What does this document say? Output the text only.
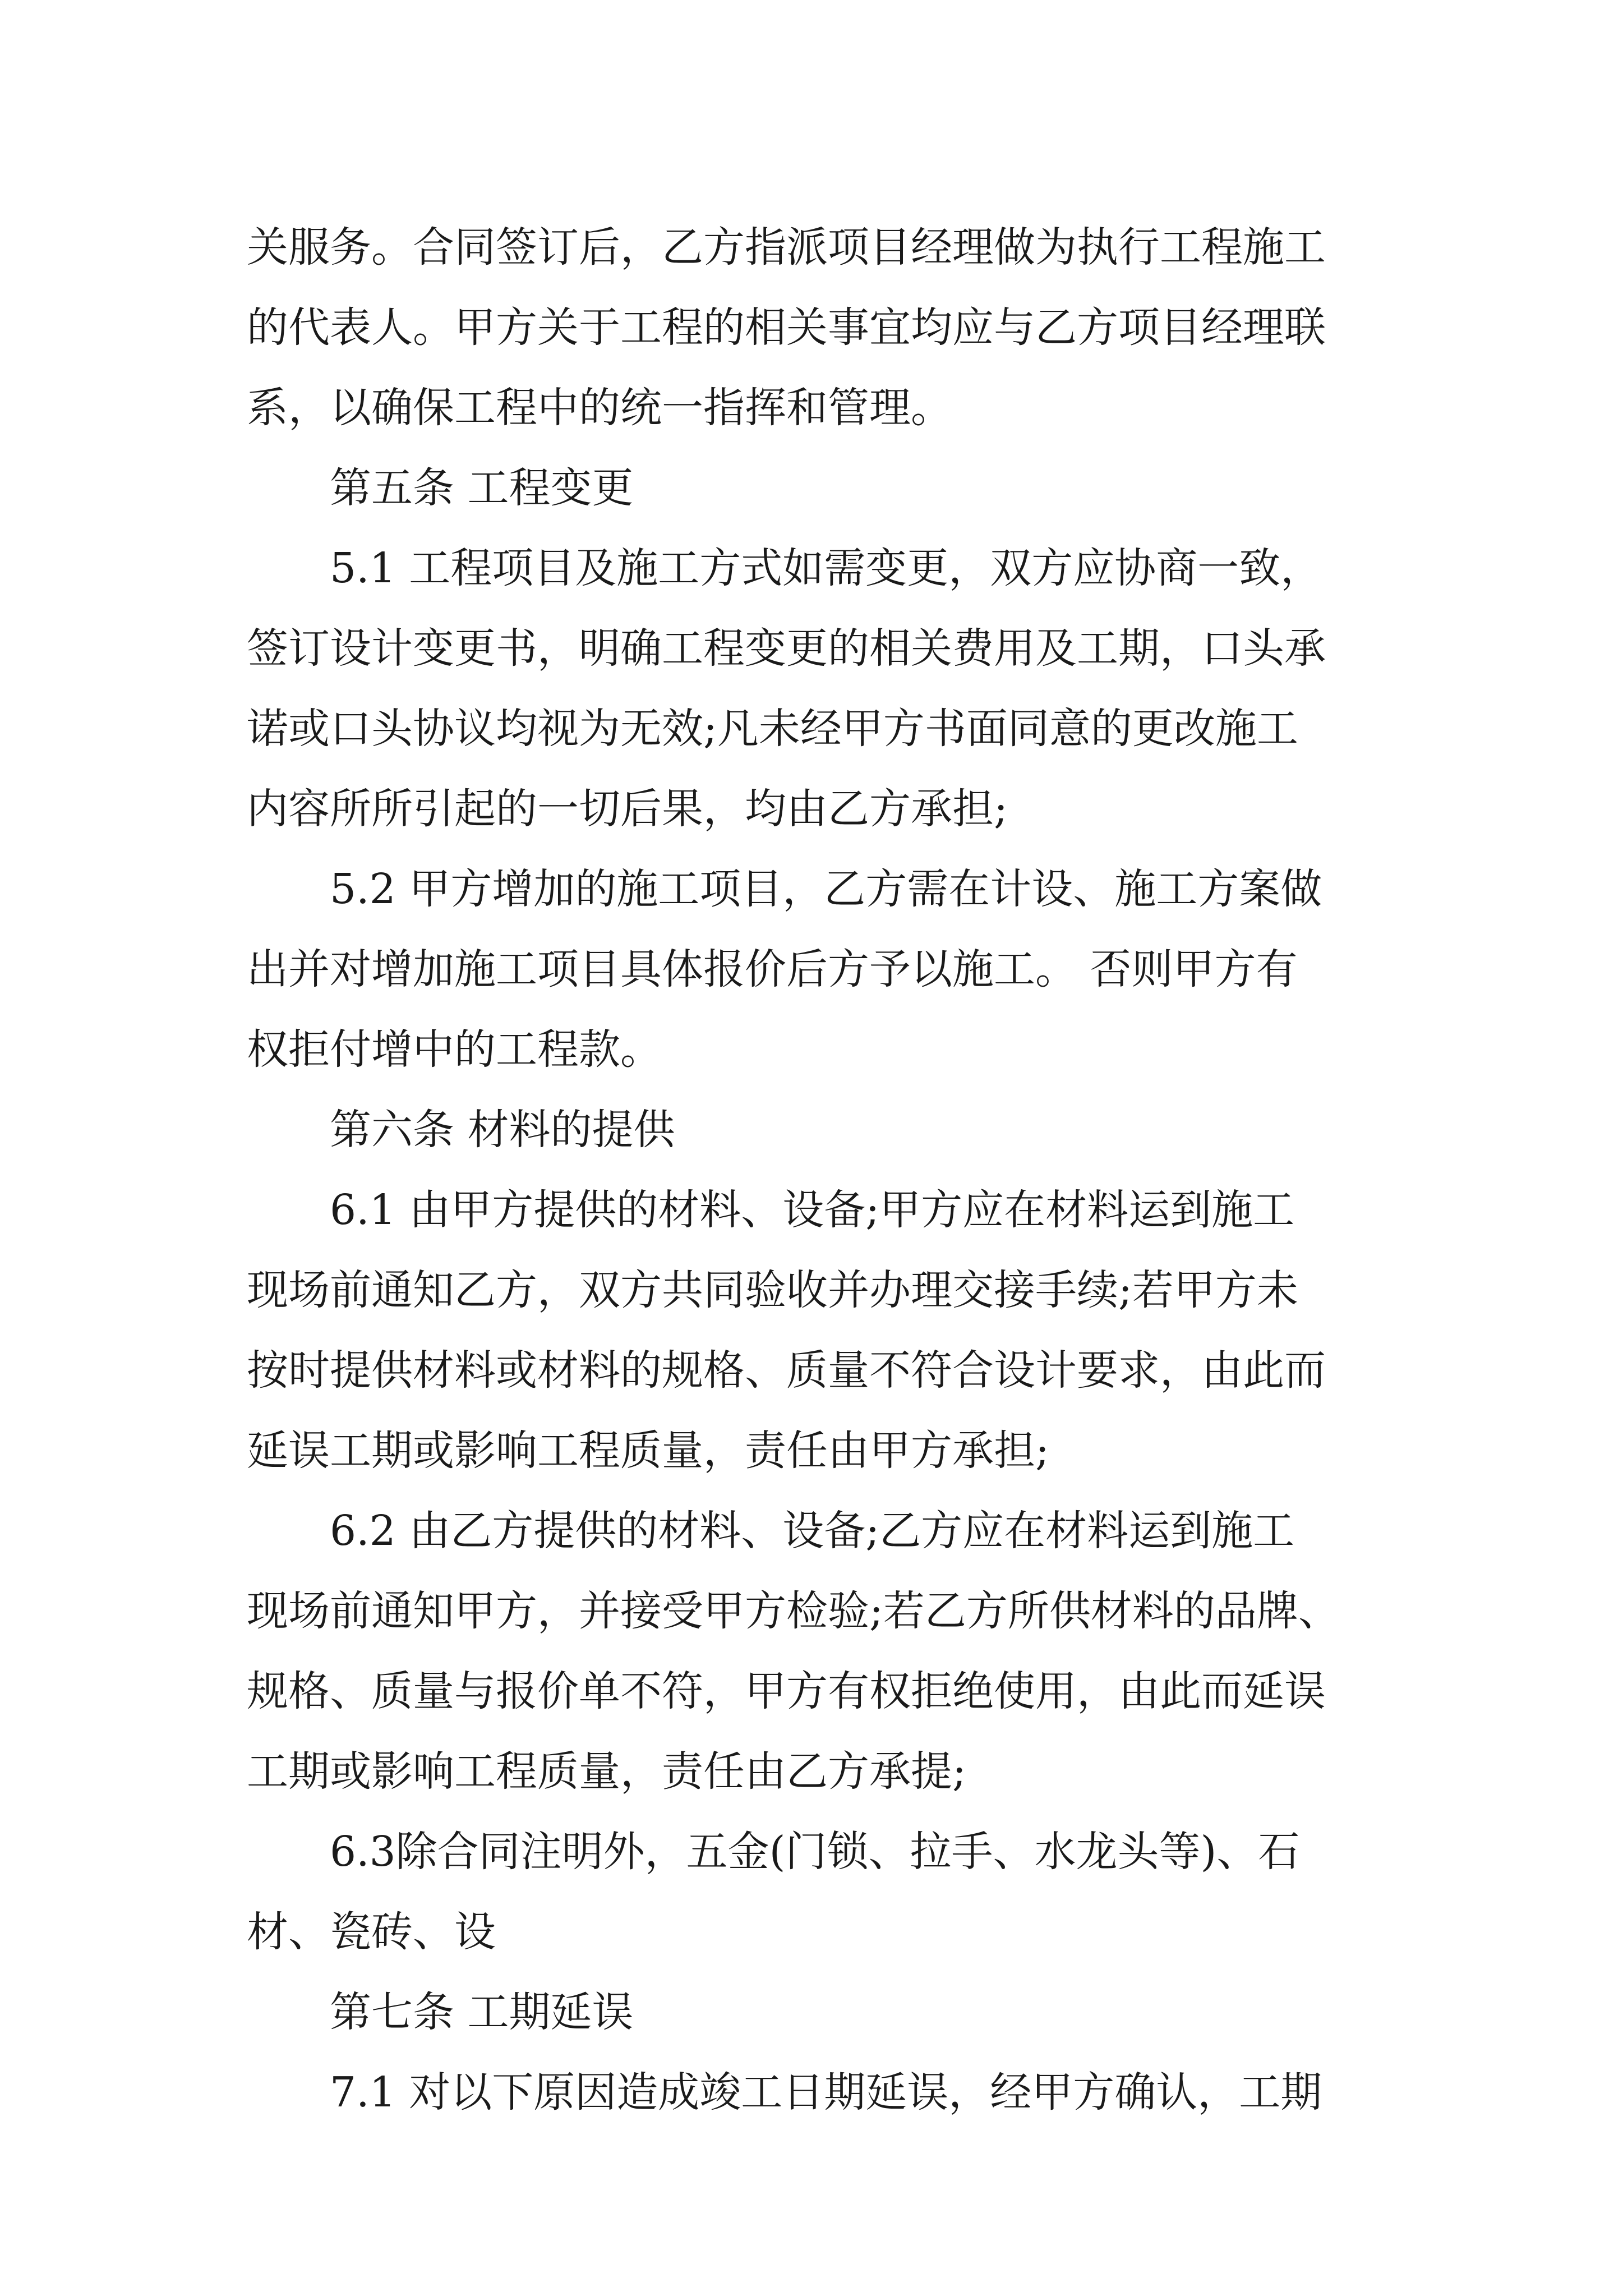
关服务。合同签订后，乙方指派项目经理做为执行工程施工
的代表人。甲方关于工程的相关事宜均应与乙方项目经理联
系，以确保工程中的统一指挥和管理。

　　第五条 工程变更

　　5.1 工程项目及施工方式如需变更，双方应协商一致，
签订设计变更书，明确工程变更的相关费用及工期，口头承
诺或口头协议均视为无效;凡未经甲方书面同意的更改施工
内容所所引起的一切后果，均由乙方承担;

　　5.2 甲方增加的施工项目，乙方需在计设、施工方案做
出并对增加施工项目具体报价后方予以施工。 否则甲方有
权拒付增中的工程款。

　　第六条 材料的提供

　　6.1 由甲方提供的材料、设备;甲方应在材料运到施工
现场前通知乙方，双方共同验收并办理交接手续;若甲方未
按时提供材料或材料的规格、质量不符合设计要求，由此而
延误工期或影响工程质量，责任由甲方承担;

　　6.2 由乙方提供的材料、设备;乙方应在材料运到施工
现场前通知甲方，并接受甲方检验;若乙方所供材料的品牌、
规格、质量与报价单不符，甲方有权拒绝使用，由此而延误
工期或影响工程质量，责任由乙方承提;

　　6.3除合同注明外，五金(门锁、拉手、水龙头等)、石
材、瓷砖、设

　　第七条 工期延误

　　7.1 对以下原因造成竣工日期延误，经甲方确认，工期
